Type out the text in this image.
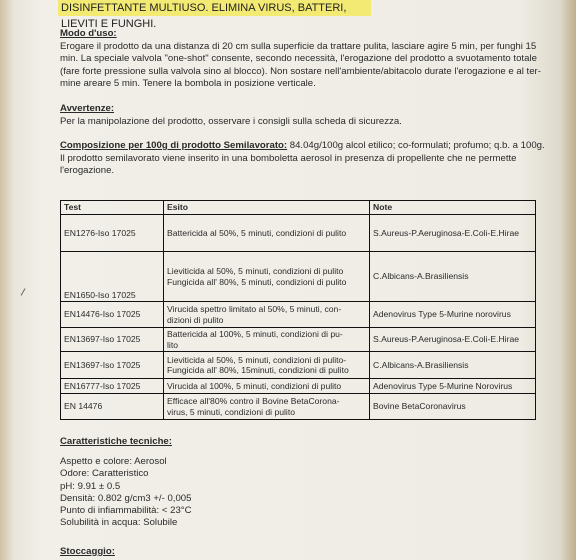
DISINFETTANTE MULTIUSO. ELIMINA VIRUS, BATTERI, LIEVITI E FUNGHI.
Modo d'uso:
Erogare il prodotto da una distanza di 20 cm sulla superficie da trattare pulita, lasciare agire 5 min, per funghi 15
min. La speciale valvola "one-shot" consente, secondo necessità, l'erogazione del prodotto a svuotamento totale
(fare forte pressione sulla valvola sino al blocco). Non sostare nell'ambiente/abitacolo durate l'erogazione e al ter-
mine areare 5 min. Tenere la bombola in posizione verticale.
Avvertenze:
Per la manipolazione del prodotto, osservare i consigli sulla scheda di sicurezza.
Composizione per 100g di prodotto Semilavorato: 84.04g/100g alcol etilico; co-formulati; profumo; q.b. a 100g.
Il prodotto semilavorato viene inserito in una bomboletta aerosol in presenza di propellente che ne permette
l'erogazione.
Test	Esito	Note
EN1276-Iso 17025	Battericida al 50%, 5 minuti, condizioni di pulito	S.Aureus-P.Aeruginosa-E.Coli-E.Hirae
EN1650-Iso 17025	Lieviticida al 50%, 5 minuti, condizioni di pulito
Fungicida all' 80%, 5 minuti, condizioni di pulito	C.Albicans-A.Brasiliensis
EN14476-Iso 17025	Virucida spettro limitato al 50%, 5 minuti, con-
dizioni di pulito	Adenovirus Type 5-Murine norovirus
EN13697-Iso 17025	Battericida al 100%, 5 minuti, condizioni di pu-
lito	S.Aureus-P.Aeruginosa-E.Coli-E.Hirae
EN13697-Iso 17025	Lieviticida al 50%, 5 minuti, condizioni di pulito-
Fungicida all' 80%, 15minuti, condizioni di pulito	C.Albicans-A.Brasiliensis
EN16777-Iso 17025	Virucida al 100%, 5 minuti, condizioni di pulito	Adenovirus Type 5-Murine Norovirus
EN 14476	Efficace all'80% contro il Bovine BetaCorona-
virus, 5 minuti, condizioni di pulito	Bovine BetaCoronavirus
Caratteristiche tecniche:
Aspetto e colore: Aerosol
Odore: Caratteristico
pH: 9.91 ± 0.5
Densità: 0.802 g/cm3 +/- 0,005
Punto di infiammabilità: < 23°C
Solubilità in acqua: Solubile
Stoccaggio:
